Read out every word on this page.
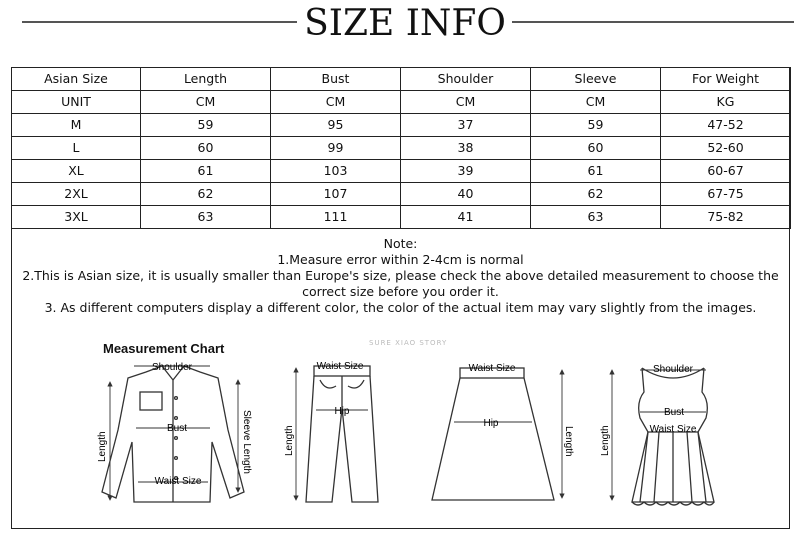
SIZE INFO
Asian Size	Length	Bust	Shoulder	Sleeve	For Weight
UNIT	CM	CM	CM	CM	KG
M	59	95	37	59	47-52
L	60	99	38	60	52-60
XL	61	103	39	61	60-67
2XL	62	107	40	62	67-75
3XL	63	111	41	63	75-82
Note:
1.Measure error within 2-4cm is normal
2.This is Asian size, it is usually smaller than Europe's size, please check the above detailed measurement to choose the correct size before you order it.
3. As different computers display a different color, the color of the actual item may vary slightly from the images.
Measurement Chart	SURE XIAO STORY
Shoulder
Bust
Waist Size
Length	Sleeve Length
Waist Size
Hip
Length
Waist Size
Hip
Length
Shoulder
Bust
Waist Size
Length
